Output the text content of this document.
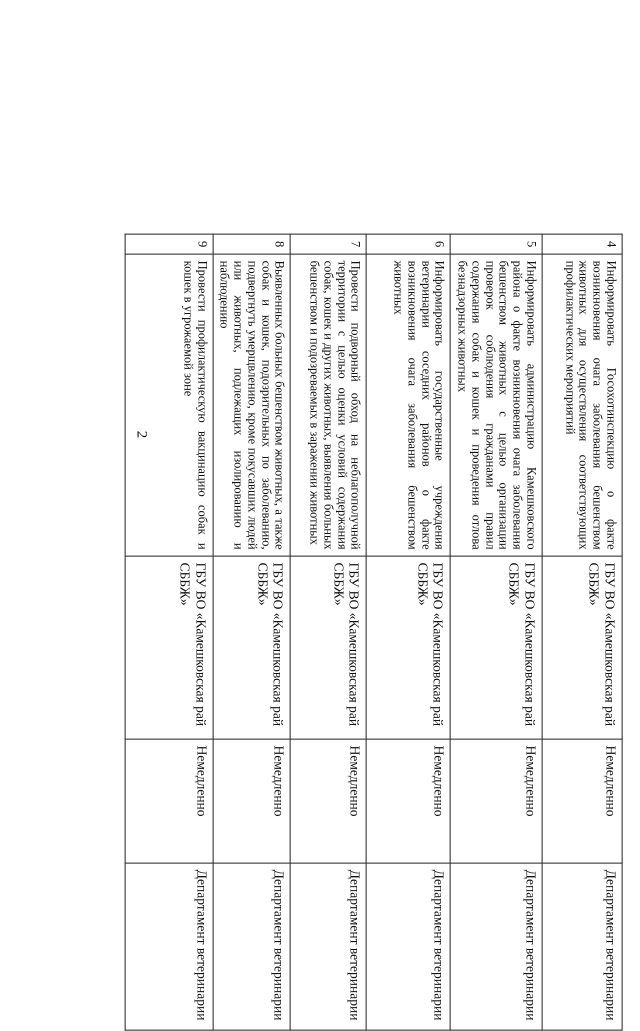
2
4	Информировать Госохотинспекцию о факте возникновения очага заболевания бешенством животных для осуществления соответствующих профилактических мероприятий	ГБУ ВО «Камешковская рай СББЖ»	Немедленно	Департамент ветеринарии
5	Информировать администрацию Камешковского района о факте возникновения очага заболевания бешенством животных с целью организации проверок соблюдения гражданами правил содержания собак и кошек и проведения отлова безнадзорных животных	ГБУ ВО «Камешковская рай СББЖ»	Немедленно	Департамент ветеринарии
6	Информировать государственные учреждения ветеринарии соседних районов о факте возникновения очага заболевания бешенством животных	ГБУ ВО «Камешковская рай СББЖ»	Немедленно	Департамент ветеринарии
7	Провести подворный обход на неблагополучной территории с целью оценки условий содержания собак, кошек и других животных, выявления больных бешенством и подозреваемых в заражении животных	ГБУ ВО «Камешковская рай СББЖ»	Немедленно	Департамент ветеринарии
8	Выявленных больных бешенством животных, а также собак и кошек, подозрительных по заболеванию, подвергнуть умерщвлению, кроме покусавших людей или животных, подлежащих изолированию и наблюдению	ГБУ ВО «Камешковская рай СББЖ»	Немедленно	Департамент ветеринарии
9	Провести профилактическую вакцинацию собак и кошек в угрожаемой зоне	ГБУ ВО «Камешковская рай СББЖ»	Немедленно	Департамент ветеринарии
